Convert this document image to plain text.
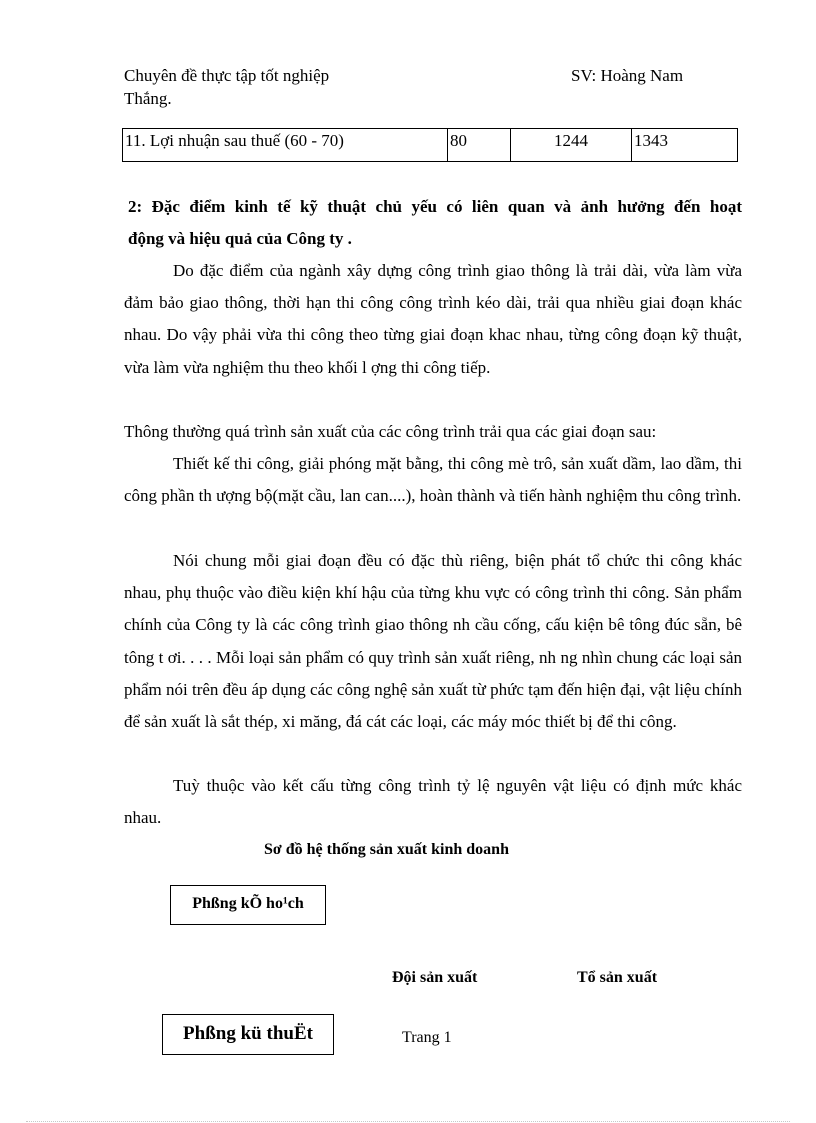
Chuyên đề thực tập tốt nghiệp	SV: Hoàng Nam
Thắng.
11. Lợi nhuận sau thuế (60 - 70)	80	1244	1343
2: Đặc điểm kinh tế kỹ thuật chủ yếu có liên quan và ảnh hưởng đến hoạt
động và hiệu quả của Công ty .
Do đặc điểm của ngành xây dựng công trình giao thông là trải dài, vừa làm vừa đảm bảo giao thông, thời hạn thi công công trình kéo dài, trải qua nhiều giai đoạn khác nhau. Do vậy phải vừa thi công theo từng giai đoạn khac nhau, từng công đoạn kỹ thuật, vừa làm vừa nghiệm thu theo khối l ợng thi công tiếp.
Thông thường quá trình sản xuất của các công trình trải qua các giai đoạn sau:
Thiết kế thi công, giải phóng mặt bằng, thi công mè trô, sản xuất dầm, lao dầm, thi công phần th ượng bộ(mặt cầu, lan can....), hoàn thành và tiến hành nghiệm thu công trình.
Nói chung mỗi giai đoạn đều có đặc thù riêng, biện phát tổ chức thi công khác nhau, phụ thuộc vào điều kiện khí hậu của từng khu vực có công trình thi công. Sản phẩm chính của Công ty là các công trình giao thông nh cầu cống, cấu kiện bê tông đúc sẵn, bê tông t ơi. . . . Mỗi loại sản phẩm có quy trình sản xuất riêng, nh ng nhìn chung các loại sản phẩm nói trên đều áp dụng các công nghệ sản xuất từ phức tạm đến hiện đại, vật liệu chính để sản xuất là sắt thép, xi măng, đá cát các loại, các máy móc thiết bị để thi công.
Tuỳ thuộc vào kết cấu từng công trình tỷ lệ nguyên vật liệu có định mức khác nhau.
Sơ đồ hệ thống sản xuất kinh doanh
Phßng kÕ ho¹ch
Đội sản xuất	Tổ sản xuất
Phßng kü thuËt	Trang 1
